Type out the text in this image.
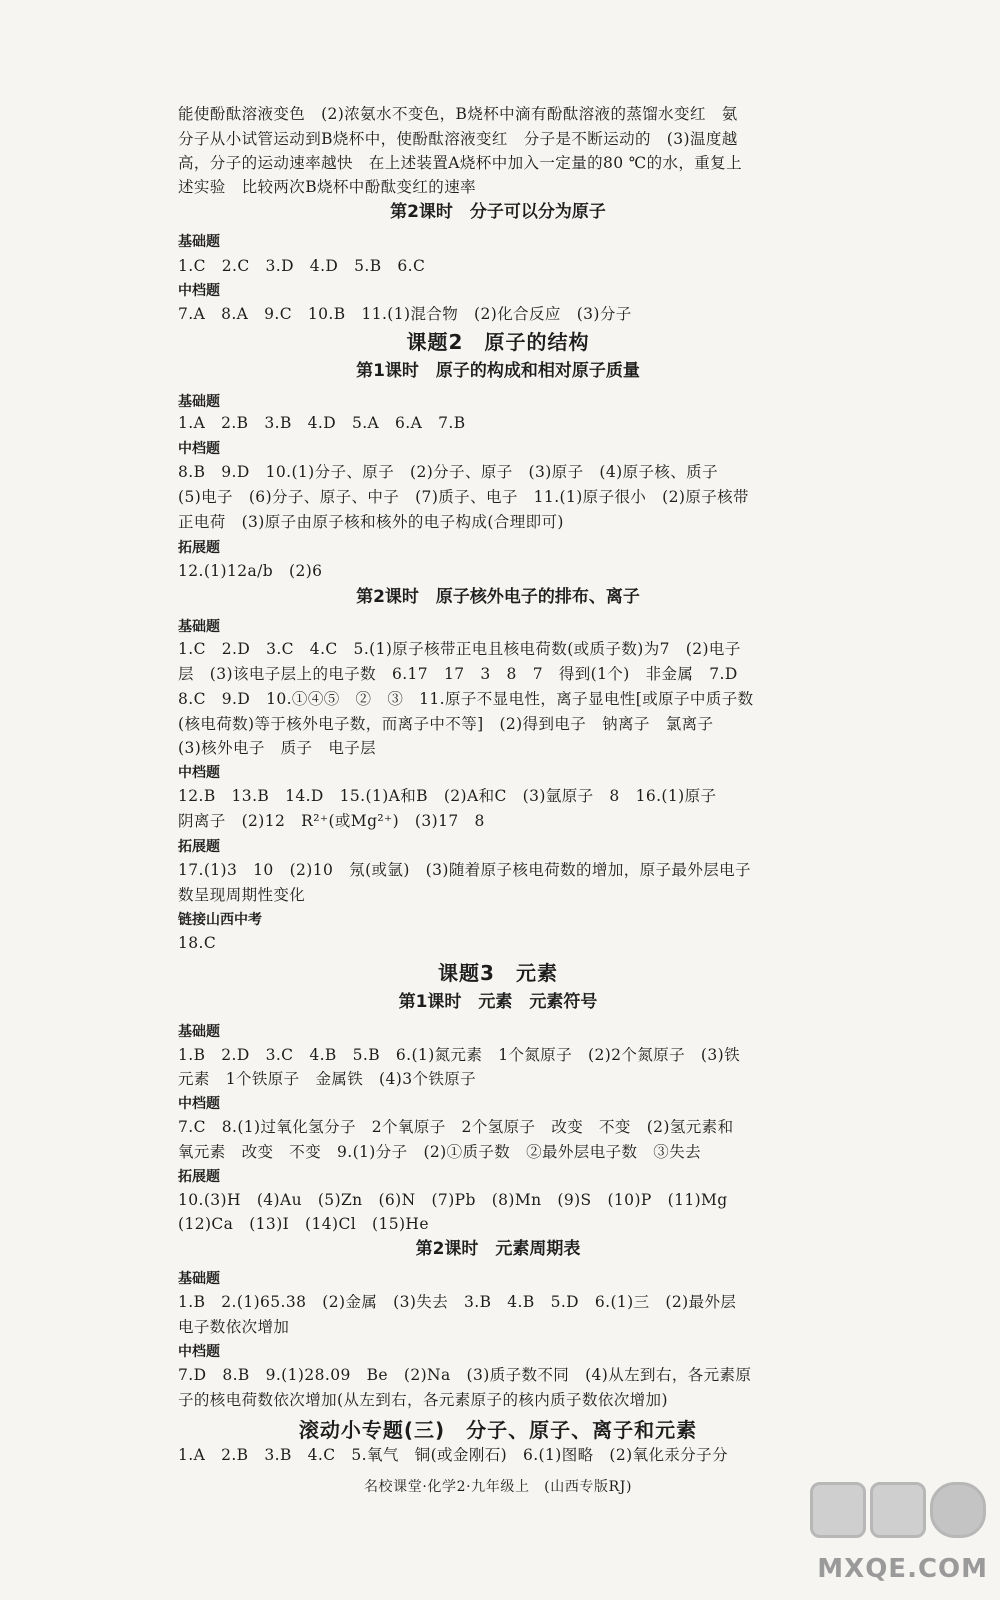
能使酚酞溶液变色　(2)浓氨水不变色，B烧杯中滴有酚酞溶液的蒸馏水变红　氨
分子从小试管运动到B烧杯中，使酚酞溶液变红　分子是不断运动的　(3)温度越
高，分子的运动速率越快　在上述装置A烧杯中加入一定量的80 ℃的水，重复上
述实验　比较两次B烧杯中酚酞变红的速率
第2课时　分子可以分为原子
基础题
1.C　2.C　3.D　4.D　5.B　6.C
中档题
7.A　8.A　9.C　10.B　11.(1)混合物　(2)化合反应　(3)分子
课题2　原子的结构
第1课时　原子的构成和相对原子质量
基础题
1.A　2.B　3.B　4.D　5.A　6.A　7.B
中档题
8.B　9.D　10.(1)分子、原子　(2)分子、原子　(3)原子　(4)原子核、质子
(5)电子　(6)分子、原子、中子　(7)质子、电子　11.(1)原子很小　(2)原子核带
正电荷　(3)原子由原子核和核外的电子构成(合理即可)
拓展题
12.(1)12a/b　(2)6
第2课时　原子核外电子的排布、离子
基础题
1.C　2.D　3.C　4.C　5.(1)原子核带正电且核电荷数(或质子数)为7　(2)电子
层　(3)该电子层上的电子数　6.17　17　3　8　7　得到(1个)　非金属　7.D
8.C　9.D　10.①④⑤　②　③　11.原子不显电性，离子显电性[或原子中质子数
(核电荷数)等于核外电子数，而离子中不等]　(2)得到电子　钠离子　氯离子
(3)核外电子　质子　电子层
中档题
12.B　13.B　14.D　15.(1)A和B　(2)A和C　(3)氩原子　8　16.(1)原子
阴离子　(2)12　R²⁺(或Mg²⁺)　(3)17　8
拓展题
17.(1)3　10　(2)10　氖(或氩)　(3)随着原子核电荷数的增加，原子最外层电子
数呈现周期性变化
链接山西中考
18.C
课题3　元素
第1课时　元素　元素符号
基础题
1.B　2.D　3.C　4.B　5.B　6.(1)氮元素　1个氮原子　(2)2个氮原子　(3)铁
元素　1个铁原子　金属铁　(4)3个铁原子
中档题
7.C　8.(1)过氧化氢分子　2个氧原子　2个氢原子　改变　不变　(2)氢元素和
氧元素　改变　不变　9.(1)分子　(2)①质子数　②最外层电子数　③失去
拓展题
10.(3)H　(4)Au　(5)Zn　(6)N　(7)Pb　(8)Mn　(9)S　(10)P　(11)Mg
(12)Ca　(13)I　(14)Cl　(15)He
第2课时　元素周期表
基础题
1.B　2.(1)65.38　(2)金属　(3)失去　3.B　4.B　5.D　6.(1)三　(2)最外层
电子数依次增加
中档题
7.D　8.B　9.(1)28.09　Be　(2)Na　(3)质子数不同　(4)从左到右，各元素原
子的核电荷数依次增加(从左到右，各元素原子的核内质子数依次增加)
滚动小专题(三)　分子、原子、离子和元素
1.A　2.B　3.B　4.C　5.氧气　铜(或金刚石)　6.(1)图略　(2)氧化汞分子分
名校课堂·化学2·九年级上　(山西专版RJ)
MXQE.COM
